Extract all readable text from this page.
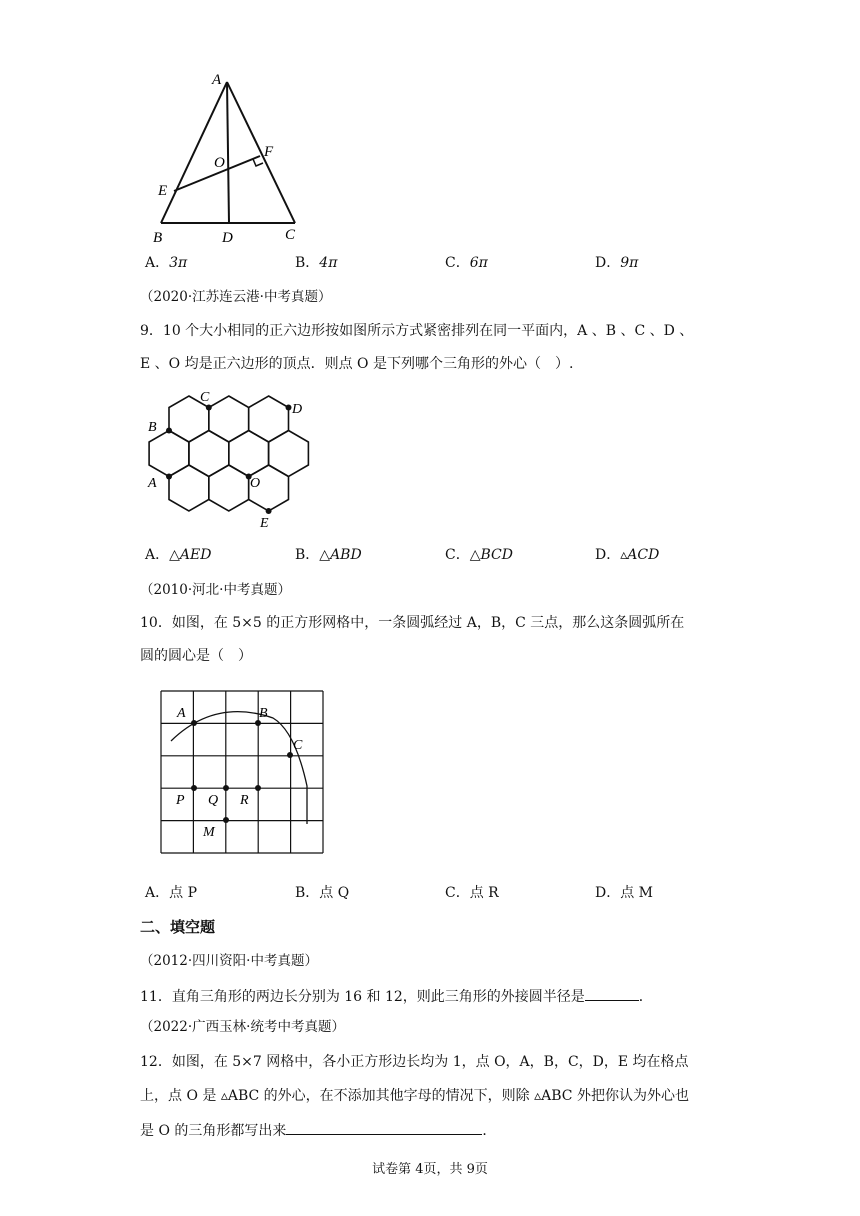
A
F
O
E
B	D	C
A．3π	B．4π	C．6π	D．9π
（2020·江苏连云港·中考真题）
9．10 个大小相同的正六边形按如图所示方式紧密排列在同一平面内，A 、B 、C 、D 、
E 、O 均是正六边形的顶点．则点 O 是下列哪个三角形的外心（　）.
C
D
B
A	O
E
A．△AED	B．△ABD	C．△BCD	D．▵ACD
（2010·河北·中考真题）
10．如图，在 5×5 的正方形网格中，一条圆弧经过 A，B，C 三点，那么这条圆弧所在
圆的圆心是（　）
A	B
C
P Q R
M
A．点 P	B．点 Q	C．点 R	D．点 M
二、填空题
（2012·四川资阳·中考真题）
11．直角三角形的两边长分别为 16 和 12，则此三角形的外接圆半径是	．
（2022·广西玉林·统考中考真题）
12．如图，在 5×7 网格中，各小正方形边长均为 1，点 O，A，B，C，D，E 均在格点
上，点 O 是 ▵ABC 的外心，在不添加其他字母的情况下，则除 ▵ABC 外把你认为外心也
是 O 的三角形都写出来	．
试卷第 4页，共 9页
